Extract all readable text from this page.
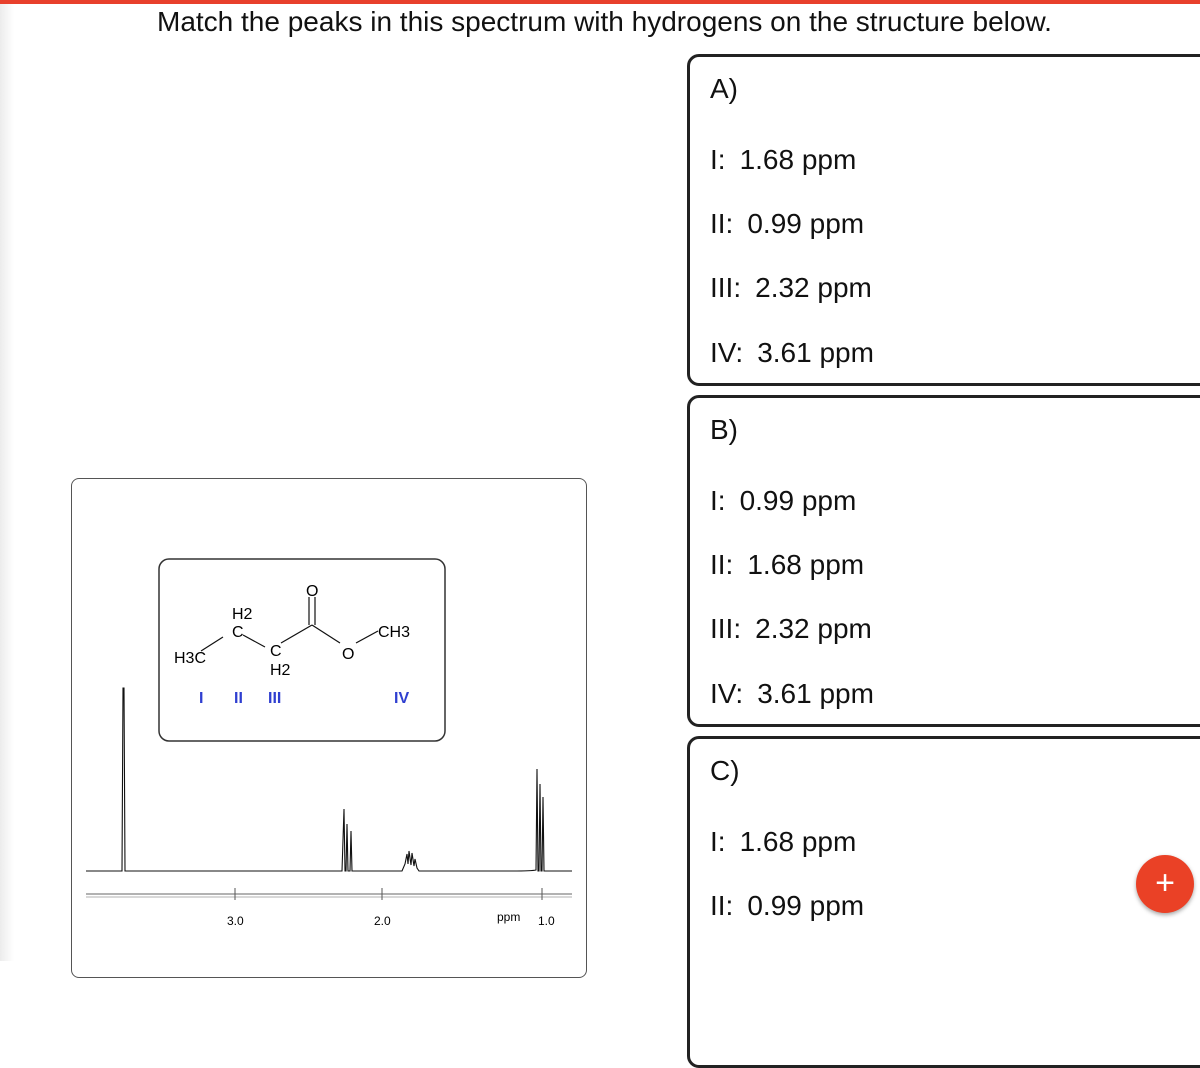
Match the peaks in this spectrum with hydrogens on the structure below.
H3C
H2
C
C
H2
O
O
CH3
I II III	IV
3.0	2.0	ppm 1.0
A)
I: 1.68 ppm
II: 0.99 ppm
III: 2.32 ppm
IV: 3.61 ppm
B)
I: 0.99 ppm
II: 1.68 ppm
III: 2.32 ppm
IV: 3.61 ppm
C)
I: 1.68 ppm
II: 0.99 ppm
+
